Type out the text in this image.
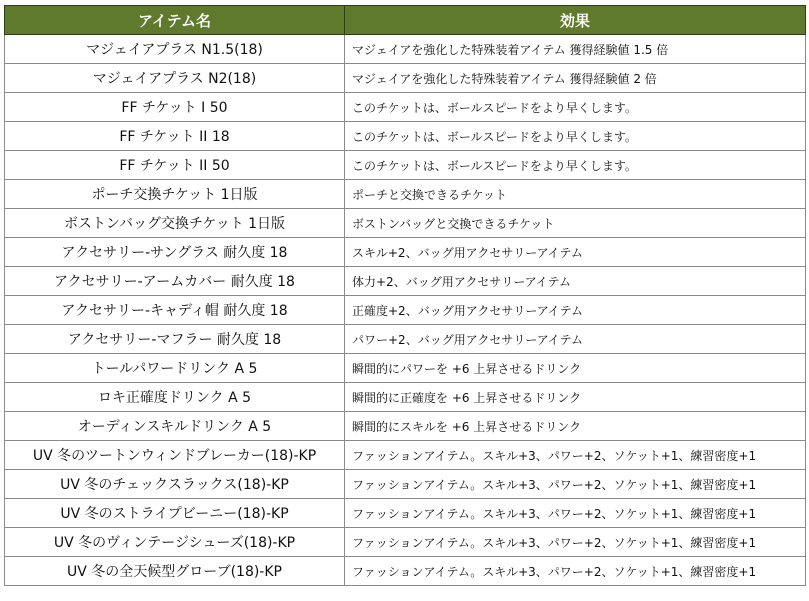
アイテム名	効果
マジェイアプラス N1.5(18)	マジェイアを強化した特殊装着アイテム 獲得経験値 1.5 倍
マジェイアプラス N2(18)	マジェイアを強化した特殊装着アイテム 獲得経験値 2 倍
FF チケット I 50	このチケットは、ボールスピードをより早くします。
FF チケット II 18	このチケットは、ボールスピードをより早くします。
FF チケット II 50	このチケットは、ボールスピードをより早くします。
ポーチ交換チケット 1日版	ポーチと交換できるチケット
ボストンバッグ交換チケット 1日版	ボストンバッグと交換できるチケット
アクセサリー-サングラス 耐久度 18	スキル+2、バッグ用アクセサリーアイテム
アクセサリー-アームカバー 耐久度 18	体力+2、バッグ用アクセサリーアイテム
アクセサリー-キャディ帽 耐久度 18	正確度+2、バッグ用アクセサリーアイテム
アクセサリー-マフラー 耐久度 18	パワー+2、バッグ用アクセサリーアイテム
トールパワードリンク A 5	瞬間的にパワーを +6 上昇させるドリンク
ロキ正確度ドリンク A 5	瞬間的に正確度を +6 上昇させるドリンク
オーディンスキルドリンク A 5	瞬間的にスキルを +6 上昇させるドリンク
UV 冬のツートンウィンドブレーカー(18)-KP	ファッションアイテム。スキル+3、パワー+2、ソケット+1、練習密度+1
UV 冬のチェックスラックス(18)-KP	ファッションアイテム。スキル+3、パワー+2、ソケット+1、練習密度+1
UV 冬のストライプビーニー(18)-KP	ファッションアイテム。スキル+3、パワー+2、ソケット+1、練習密度+1
UV 冬のヴィンテージシューズ(18)-KP	ファッションアイテム。スキル+3、パワー+2、ソケット+1、練習密度+1
UV 冬の全天候型グローブ(18)-KP	ファッションアイテム。スキル+3、パワー+2、ソケット+1、練習密度+1
